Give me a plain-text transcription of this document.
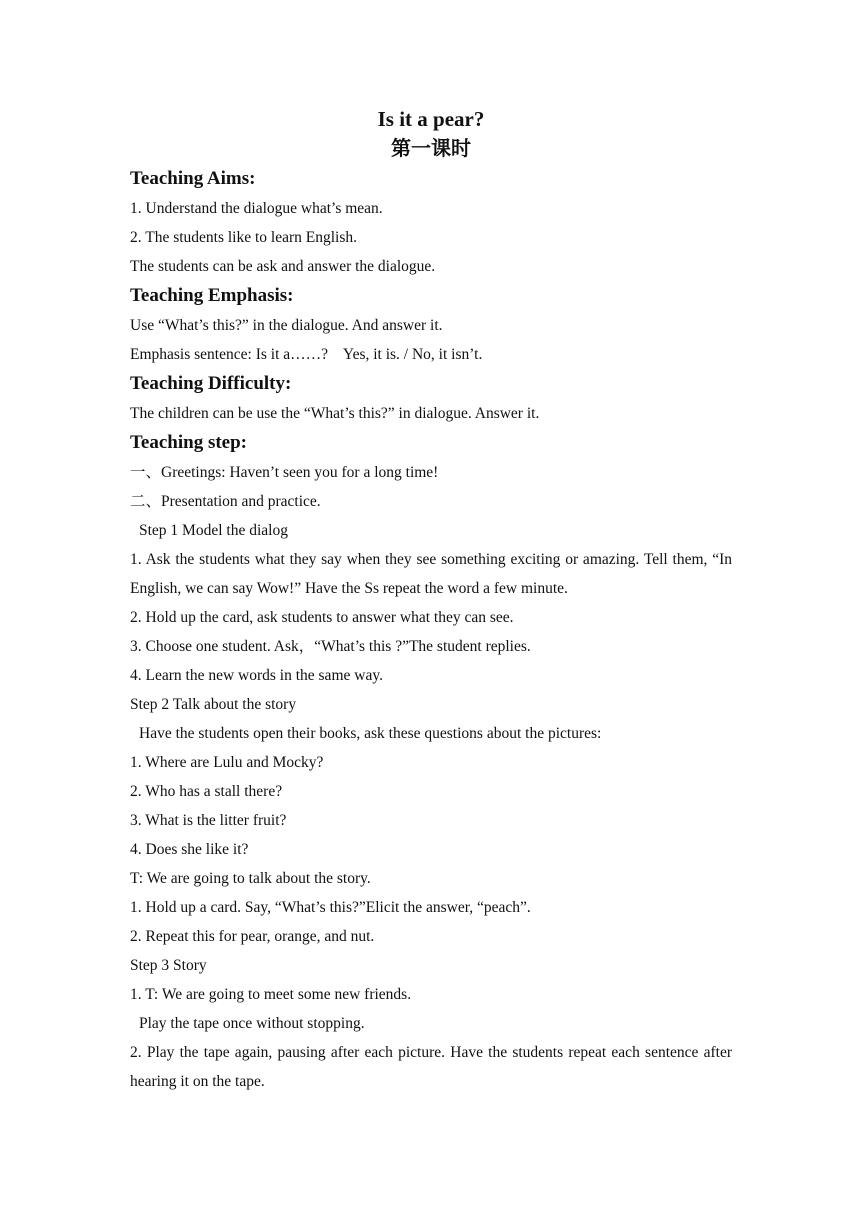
Is it a pear?
第一课时
Teaching Aims:

1. Understand the dialogue what’s mean.

2. The students like to learn English.

The students can be ask and answer the dialogue.

Teaching Emphasis:

Use “What’s this?” in the dialogue. And answer it.

Emphasis sentence: Is it a……?    Yes, it is. / No, it isn’t.

Teaching Difficulty:

The children can be use the “What’s this?” in dialogue. Answer it.

Teaching step:

一、Greetings: Haven’t seen you for a long time!

二、Presentation and practice.

Step 1 Model the dialog

1. Ask the students what they say when they see something exciting or amazing. Tell them, “In English, we can say Wow!” Have the Ss repeat the word a few minute.

2. Hold up the card, ask students to answer what they can see.

3. Choose one student. Ask，“What’s this ?”The student replies.

4. Learn the new words in the same way.

Step 2 Talk about the story

Have the students open their books, ask these questions about the pictures:

1. Where are Lulu and Mocky?

2. Who has a stall there?

3. What is the litter fruit?

4. Does she like it?

T: We are going to talk about the story.

1. Hold up a card. Say, “What’s this?”Elicit the answer, “peach”.

2. Repeat this for pear, orange, and nut.

Step 3 Story

1. T: We are going to meet some new friends.

Play the tape once without stopping.

2. Play the tape again, pausing after each picture. Have the students repeat each sentence after hearing it on the tape.
